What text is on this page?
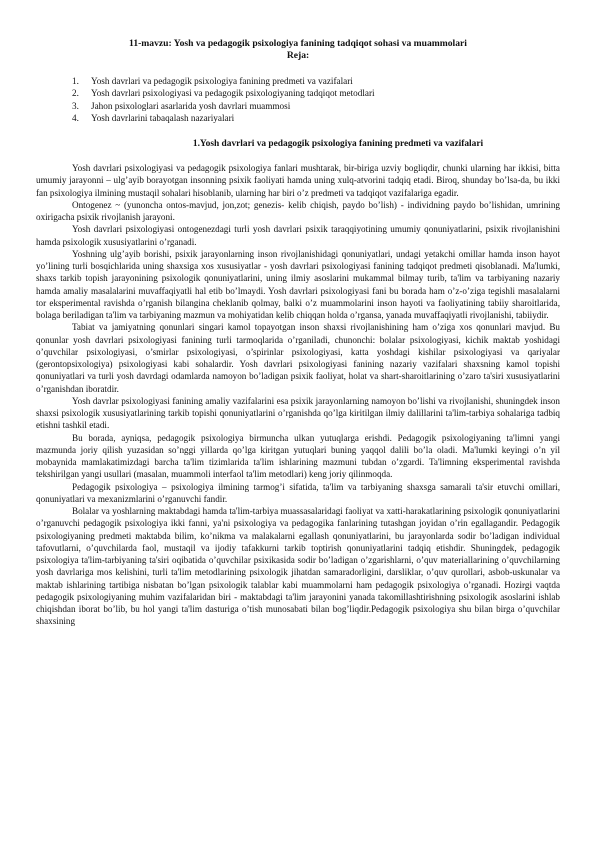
11-mavzu: Yosh va pedagogik psixologiya fanining tadqiqot sohasi va muammolari

Reja:

1.	Yosh davrlari va pedagogik psixologiya fanining predmeti va vazifalari
2.	Yosh davrlari psixologiyasi va pedagogik psixologiyaning tadqiqot metodlari
3.	Jahon psixologlari asarlarida yosh davrlari muammosi
4.	Yosh davrlarini tabaqalash nazariyalari

1.Yosh davrlari va pedagogik psixologiya fanining predmeti va vazifalari

Yosh davrlari psixologiyasi va pedagogik psixologiya fanlari mushtarak, bir-biriga uzviy bogliqdir, chunki ularning har ikkisi, bitta umumiy jarayonni – ulg’ayib borayotgan insonning psixik faoliyati hamda uning xulq-atvorini tadqiq etadi. Biroq, shunday bo’lsa-da, bu ikki fan psixologiya ilmining mustaqil sohalari hisoblanib, ularning har biri o’z predmeti va tadqiqot vazifalariga egadir.

Ontogenez ~ (yunoncha ontos-mavjud, jon,zot; genezis- kelib chiqish, paydo bo’lish) - individning paydo bo’lishidan, umrining oxirigacha psixik rivojlanish jarayoni.

Yosh davrlari psixologiyasi ontogenezdagi turli yosh davrlari psixik taraqqiyotining umumiy qonuniyatlarini, psixik rivojlanishini hamda psixologik xususiyatlarini o’rganadi.

Yoshning ulg’ayib borishi, psixik jarayonlarning inson rivojlanishidagi qonuniyatlari, undagi yetakchi omillar hamda inson hayot yo’lining turli bosqichlarida uning shaxsiga xos xususiyatlar - yosh davrlari psixologiyasi fanining tadqiqot predmeti qisoblanadi. Ma'lumki, shaxs tarkib topish jarayonining psixologik qonuniyatlarini, uning ilmiy asoslarini mukammal bilmay turib, ta'lim va tarbiyaning nazariy hamda amaliy masalalarini muvaffaqiyatli hal etib bo’lmaydi. Yosh davrlari psixologiyasi fani bu borada ham o’z-o’ziga tegishli masalalarni tor eksperimental ravishda o’rganish bilangina cheklanib qolmay, balki o’z muammolarini inson hayoti va faoliyatining tabiiy sharoitlarida, bolaga beriladigan ta'lim va tarbiyaning mazmun va mohiyatidan kelib chiqqan holda o’rgansa, yanada muvaffaqiyatli rivojlanishi, tabiiydir.

Tabiat va jamiyatning qonunlari singari kamol topayotgan inson shaxsi rivojlanishining ham o’ziga xos qonunlari mavjud. Bu qonunlar yosh davrlari psixologiyasi fanining turli tarmoqlarida o’rganiladi, chunonchi: bolalar psixologiyasi, kichik maktab yoshidagi o’quvchilar psixologiyasi, o’smirlar psixologiyasi, o’spirinlar psixologiyasi, katta yoshdagi kishilar psixologiyasi va qariyalar (gerontopsixologiya) psixologiyasi kabi sohalardir. Yosh davrlari psixologiyasi fanining nazariy vazifalari shaxsning kamol topishi qonuniyatlari va turli yosh davrdagi odamlarda namoyon bo’ladigan psixik faoliyat, holat va shart-sharoitlarining o’zaro ta'siri xususiyatlarini o’rganishdan iboratdir.

Yosh davrlar psixologiyasi fanining amaliy vazifalarini esa psixik jarayonlarning namoyon bo’lishi va rivojlanishi, shuningdek inson shaxsi psixologik xususiyatlarining tarkib topishi qonuniyatlarini o’rganishda qo’lga kiritilgan ilmiy dalillarini ta'lim-tarbiya sohalariga tadbiq etishni tashkil etadi.

Bu borada, ayniqsa, pedagogik psixologiya birmuncha ulkan yutuqlarga erishdi. Pedagogik psixologiyaning ta'limni yangi mazmunda joriy qilish yuzasidan so’nggi yillarda qo’lga kiritgan yutuqlari buning yaqqol dalili bo’la oladi. Ma'lumki keyingi o’n yil mobaynida mamlakatimizdagi barcha ta'lim tizimlarida ta'lim ishlarining mazmuni tubdan o’zgardi. Ta'limning eksperimental ravishda tekshirilgan yangi usullari (masalan, muammoli interfaol ta'lim metodlari) keng joriy qilinmoqda.

Pedagogik psixologiya – psixologiya ilmining tarmog’i sifatida, ta'lim va tarbiyaning shaxsga samarali ta'sir etuvchi omillari, qonuniyatlari va mexanizmlarini o’rganuvchi fandir.

Bolalar va yoshlarning maktabdagi hamda ta'lim-tarbiya muassasalaridagi faoliyat va xatti-harakatlarining psixologik qonuniyatlarini o’rganuvchi pedagogik psixologiya ikki fanni, ya'ni psixologiya va pedagogika fanlarining tutashgan joyidan o’rin egallagandir. Pedagogik psixologiyaning predmeti maktabda bilim, ko’nikma va malakalarni egallash qonuniyatlarini, bu jarayonlarda sodir bo’ladigan individual tafovutlarni, o’quvchilarda faol, mustaqil va ijodiy tafakkurni tarkib toptirish qonuniyatlarini tadqiq etishdir. Shuningdek, pedagogik psixologiya ta'lim-tarbiyaning ta'siri oqibatida o’quvchilar psixikasida sodir bo’ladigan o’zgarishlarni, o’quv materiallarining o’quvchilarning yosh davrlariga mos kelishini, turli ta'lim metodlarining psixologik jihatdan samaradorligini, darsliklar, o’quv qurollari, asbob-uskunalar va maktab ishlarining tartibiga nisbatan bo’lgan psixologik talablar kabi muammolarni ham pedagogik psixologiya o’rganadi. Hozirgi vaqtda pedagogik psixologiyaning muhim vazifalaridan biri - maktabdagi ta'lim jarayonini yanada takomillashtirishning psixologik asoslarini ishlab chiqishdan iborat bo’lib, bu hol yangi ta'lim dasturiga o’tish munosabati bilan bog’liqdir.Pedagogik psixologiya shu bilan birga o’quvchilar shaxsining
